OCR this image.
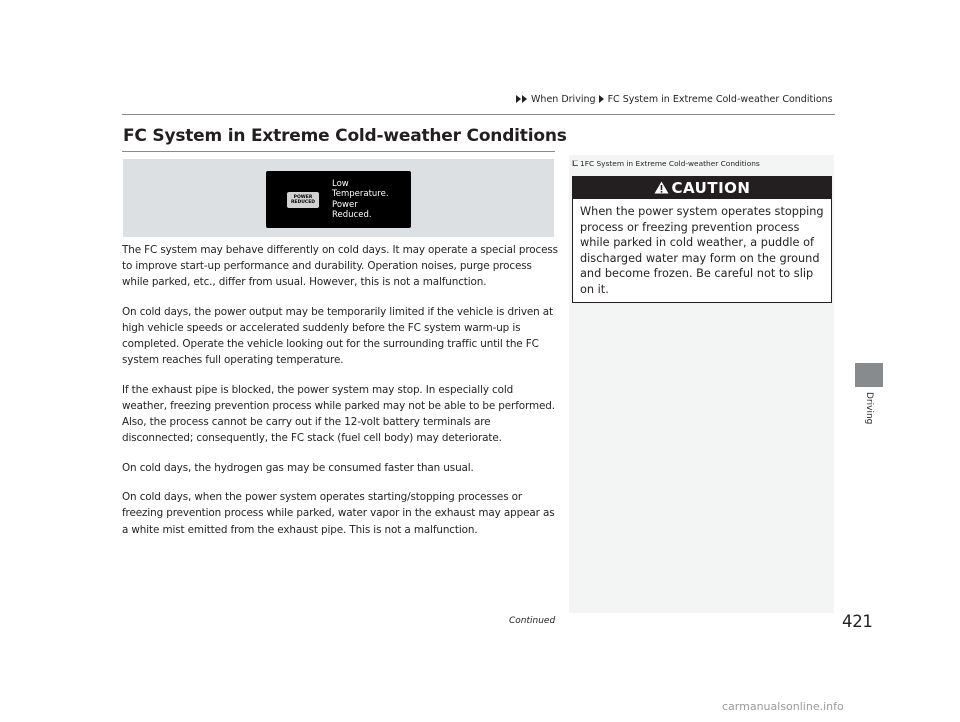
When Driving FC System in Extreme Cold-weather Conditions
FC System in Extreme Cold-weather Conditions
POWER
REDUCED
Low
Temperature.
Power
Reduced.

The FC system may behave differently on cold days. It may operate a special process to improve start-up performance and durability. Operation noises, purge process while parked, etc., differ from usual. However, this is not a malfunction.

On cold days, the power output may be temporarily limited if the vehicle is driven at high vehicle speeds or accelerated suddenly before the FC system warm-up is completed. Operate the vehicle looking out for the surrounding traffic until the FC system reaches full operating temperature.

If the exhaust pipe is blocked, the power system may stop. In especially cold weather, freezing prevention process while parked may not be able to be performed. Also, the process cannot be carry out if the 12-volt battery terminals are disconnected; consequently, the FC stack (fuel cell body) may deteriorate.

On cold days, the hydrogen gas may be consumed faster than usual.

On cold days, when the power system operates starting/stopping processes or freezing prevention process while parked, water vapor in the exhaust may appear as a white mist emitted from the exhaust pipe. This is not a malfunction.

Continued
1FC System in Extreme Cold-weather Conditions
CAUTION
When the power system operates stopping process or freezing prevention process while parked in cold weather, a puddle of discharged water may form on the ground and become frozen. Be careful not to slip on it.
Driving
421
carmanualsonline.info
